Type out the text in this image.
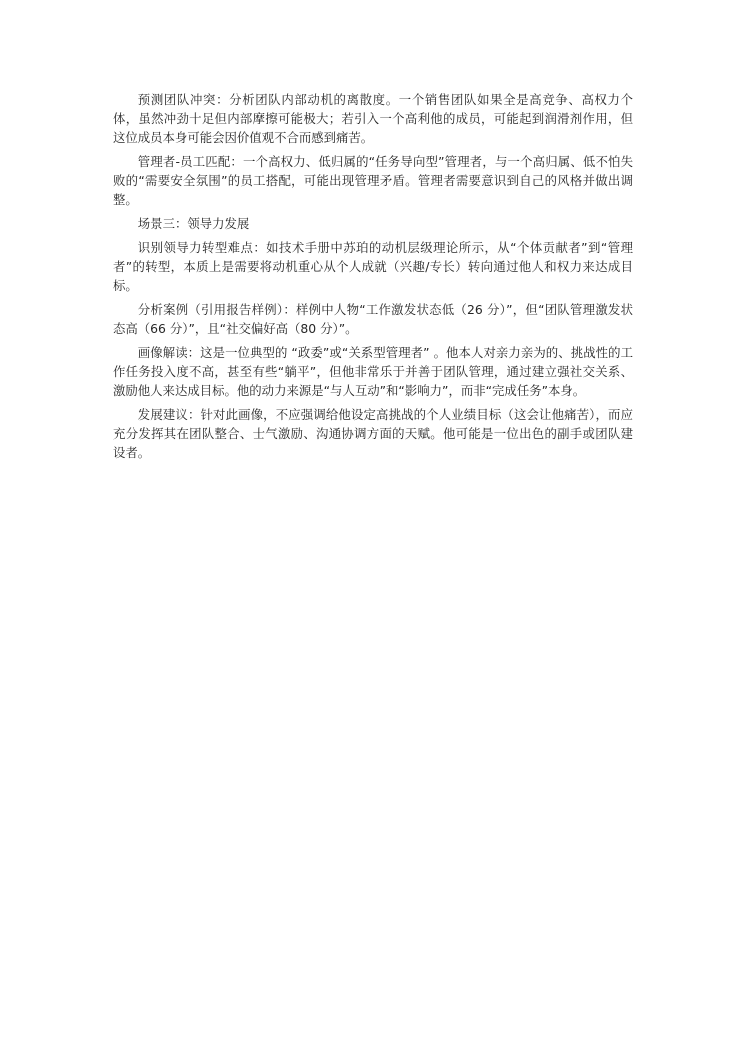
预测团队冲突：分析团队内部动机的离散度。一个销售团队如果全是高竞争、高权力个体，虽然冲劲十足但内部摩擦可能极大；若引入一个高利他的成员，可能起到润滑剂作用，但这位成员本身可能会因价值观不合而感到痛苦。

管理者-员工匹配：一个高权力、低归属的“任务导向型”管理者，与一个高归属、低不怕失败的“需要安全氛围”的员工搭配，可能出现管理矛盾。管理者需要意识到自己的风格并做出调整。

场景三：领导力发展

识别领导力转型难点：如技术手册中苏珀的动机层级理论所示，从“个体贡献者”到“管理者”的转型，本质上是需要将动机重心从个人成就（兴趣/专长）转向通过他人和权力来达成目标。

分析案例（引用报告样例）：样例中人物“工作激发状态低（26 分）”，但“团队管理激发状态高（66 分）”，且“社交偏好高（80 分）”。

画像解读：这是一位典型的 “政委”或“关系型管理者” 。他本人对亲力亲为的、挑战性的工作任务投入度不高，甚至有些“躺平”，但他非常乐于并善于团队管理，通过建立强社交关系、激励他人来达成目标。他的动力来源是“与人互动”和“影响力”，而非“完成任务”本身。

发展建议：针对此画像，不应强调给他设定高挑战的个人业绩目标（这会让他痛苦），而应充分发挥其在团队整合、士气激励、沟通协调方面的天赋。他可能是一位出色的副手或团队建设者。
